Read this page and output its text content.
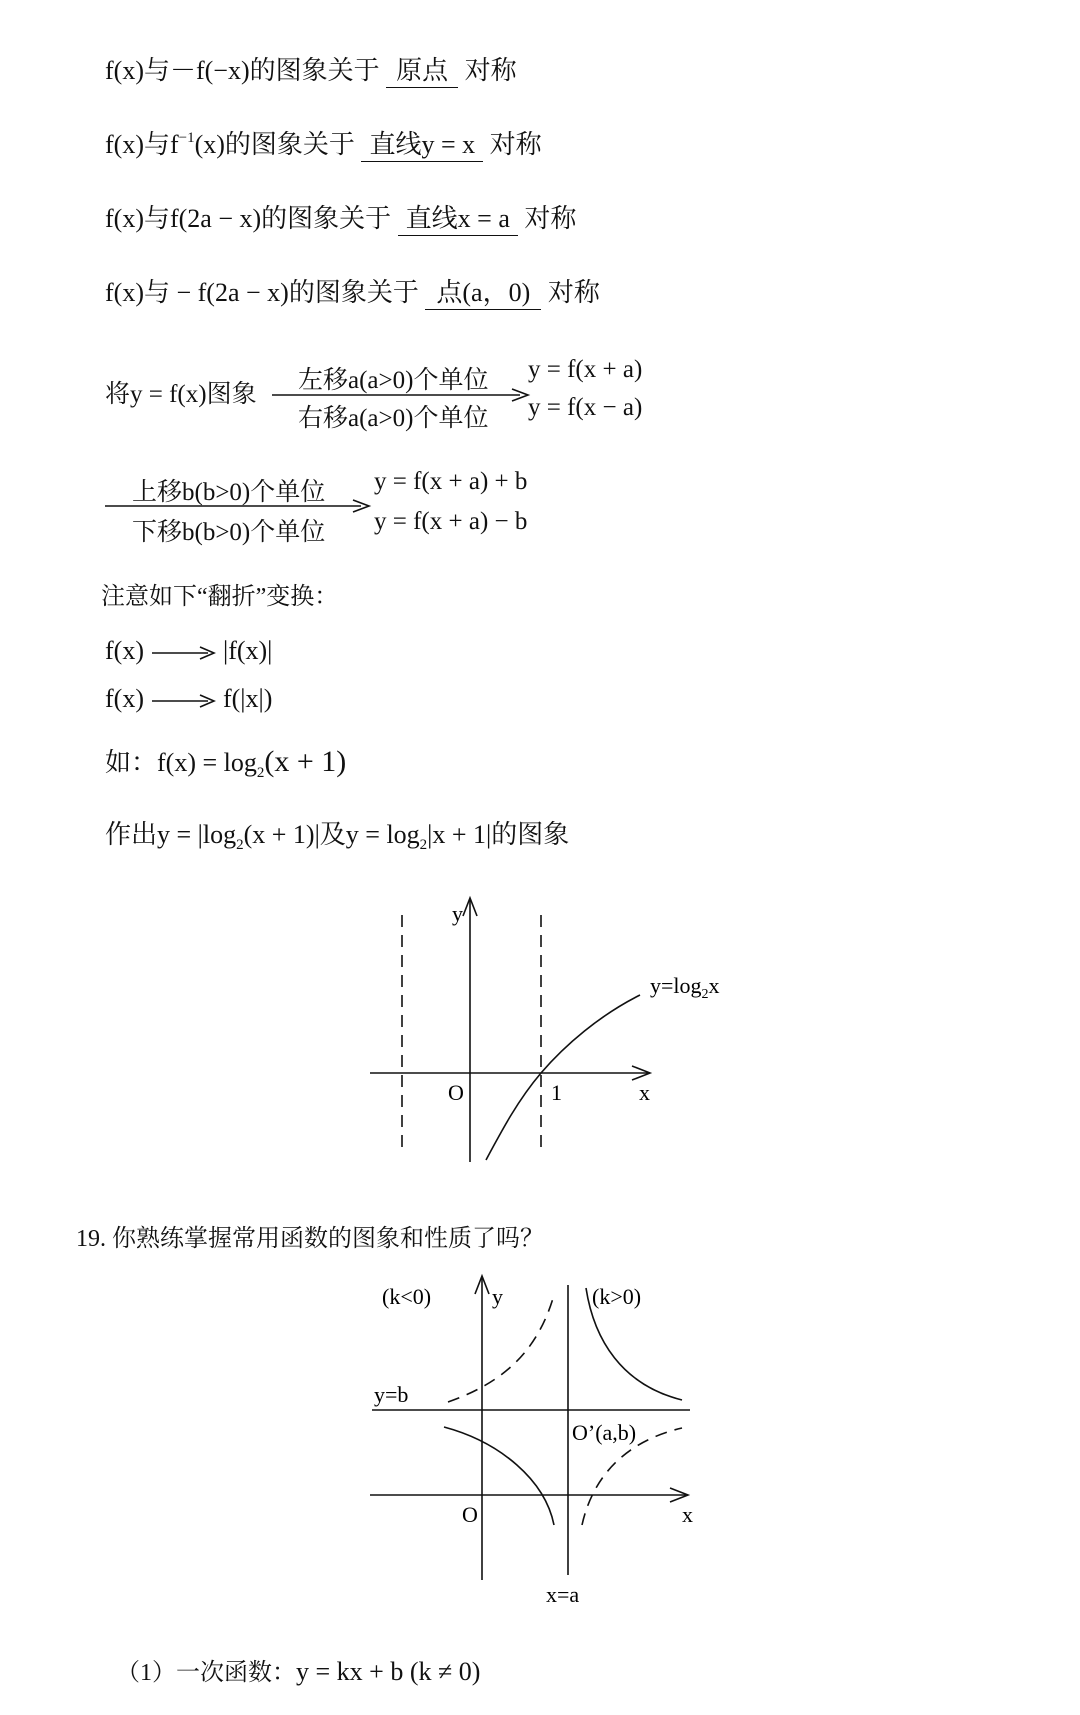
f(x)与－f(−x)的图象关于 原点 对称
f(x)与$f^{-1}(x)$的图象关于 直线y = x 对称
f(x)与f(2a − x)的图象关于 直线x = a 对称
f(x)与 − f(2a − x)的图象关于 点(a，0) 对称
将y = f(x)图象
左移a(a>0)个单位
右移a(a>0)个单位
y = f(x + a)
y = f(x − a)
上移b(b>0)个单位
下移b(b>0)个单位
y = f(x + a) + b
y = f(x + a) − b
注意如下“翻折”变换：
f(x)	|f(x)|
f(x)	f(|x|)
如：$f(x) = \log_2(x + 1)$
作出$y = |\log_2(x + 1)|$及$y = \log_2|x + 1|$的图象
y
x
O	1
$y=\log_2x$
19. 你熟练掌握常用函数的图象和性质了吗？
(k<0)	y	(k>0)
y=b
O’(a,b)
O	x
x=a
（1）一次函数：y = kx + b (k ≠ 0)
